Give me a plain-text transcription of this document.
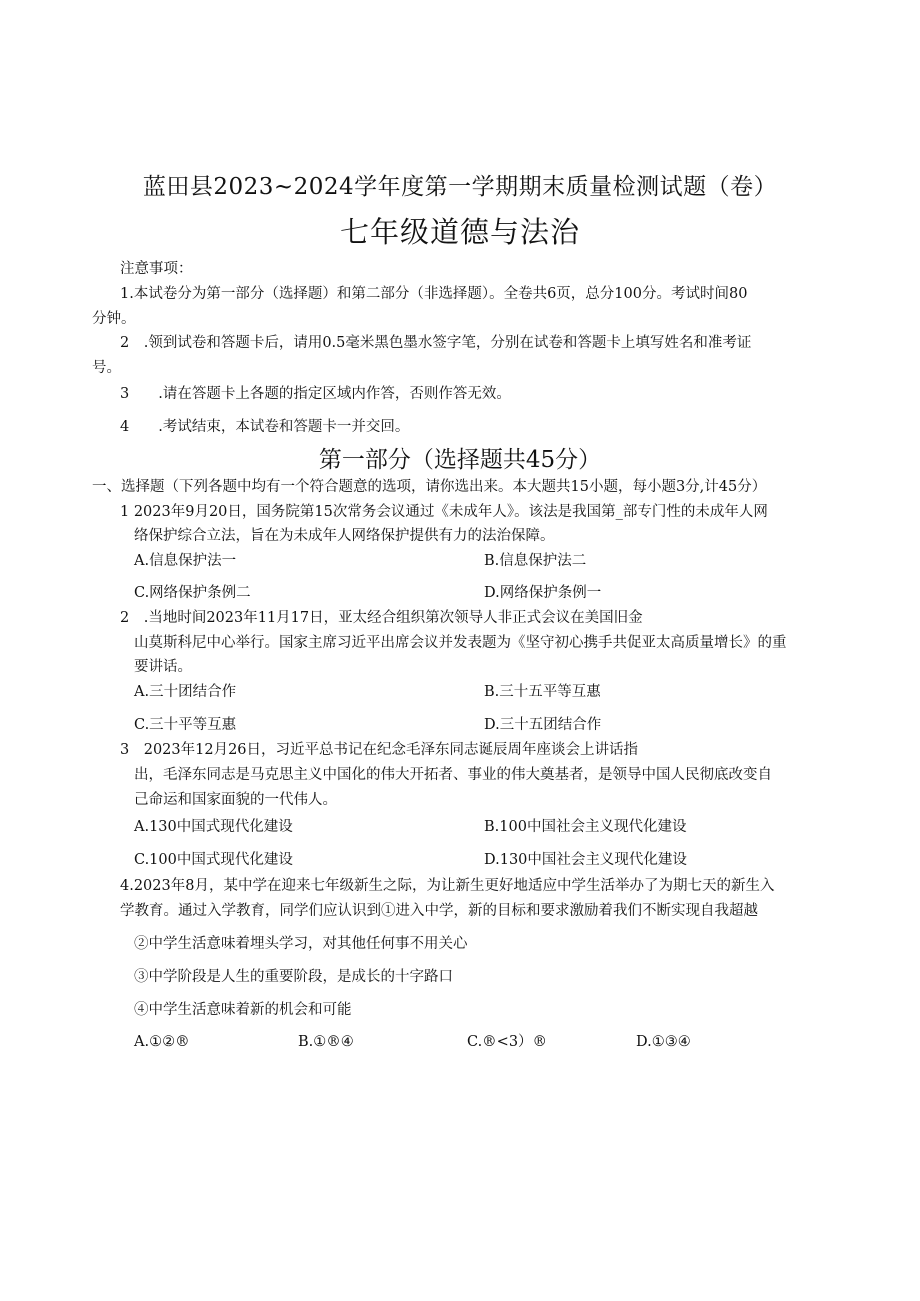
蓝田县2023~2024学年度第一学期期末质量检测试题（卷）
七年级道德与法治
注意事项：
1.本试卷分为第一部分（选择题）和第二部分（非选择题）。全卷共6页，总分100分。考试时间80
分钟。
2　.领到试卷和答题卡后，请用0.5毫米黑色墨水签字笔，分别在试卷和答题卡上填写姓名和准考证
号。
3　　.请在答题卡上各题的指定区域内作答，否则作答无效。
4　　.考试结束，本试卷和答题卡一并交回。
第一部分（选择题共45分）
一、选择题（下列各题中均有一个符合题意的选项，请你选出来。本大题共15小题，每小题3分,计45分）
1 2023年9月20日，国务院第15次常务会议通过《未成年人》。该法是我国第_部专门性的未成年人网
络保护综合立法，旨在为未成年人网络保护提供有力的法治保障。
A.信息保护法一	B.信息保护法二
C.网络保护条例二	D.网络保护条例一
2　.当地时间2023年11月17日，亚太经合组织第次领导人非正式会议在美国旧金
山莫斯科尼中心举行。国家主席习近平出席会议并发表题为《坚守初心携手共促亚太高质量增长》的重
要讲话。
A.三十团结合作	B.三十五平等互惠
C.三十平等互惠	D.三十五团结合作
3　2023年12月26日，习近平总书记在纪念毛泽东同志诞辰周年座谈会上讲话指
出，毛泽东同志是马克思主义中国化的伟大开拓者、事业的伟大奠基者，是领导中国人民彻底改变自
己命运和国家面貌的一代伟人。
A.130中国式现代化建设	B.100中国社会主义现代化建设
C.100中国式现代化建设	D.130中国社会主义现代化建设
4.2023年8月，某中学在迎来七年级新生之际，为让新生更好地适应中学生活举办了为期七天的新生入
学教育。通过入学教育，同学们应认识到①进入中学，新的目标和要求激励着我们不断实现自我超越
②中学生活意味着埋头学习，对其他任何事不用关心
③中学阶段是人生的重要阶段，是成长的十字路口
④中学生活意味着新的机会和可能
A.①②®	B.①®④	C.®<3）®	D.①③④
